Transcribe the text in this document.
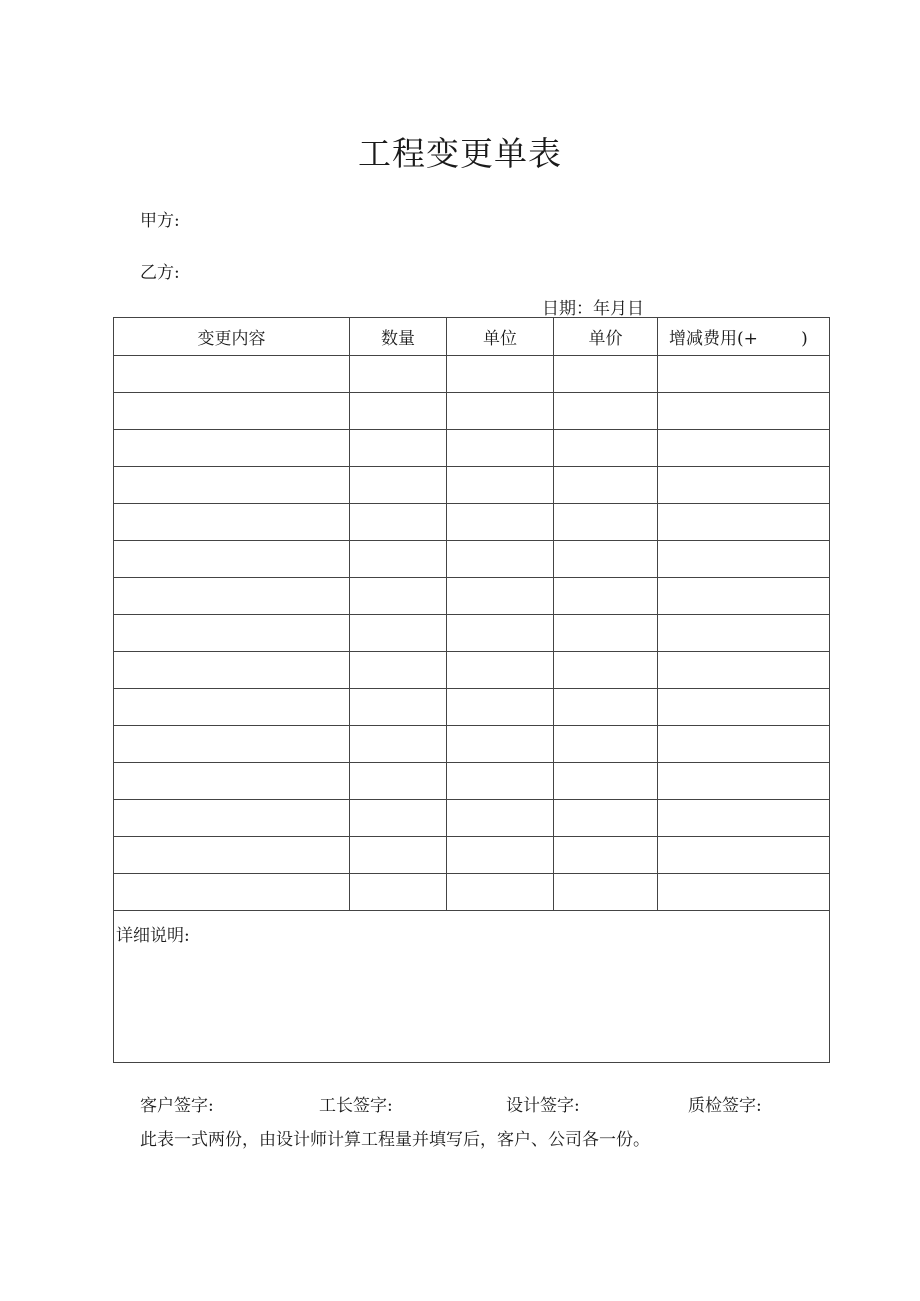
工程变更单表
甲方:
乙方:
日期：年月日
变更内容	数量	单位	单价	增减费用(+        )

详细说明:				
客户签字:	工长签字:	设计签字:	质检签字:
此表一式两份，由设计师计算工程量并填写后，客户、公司各一份。
